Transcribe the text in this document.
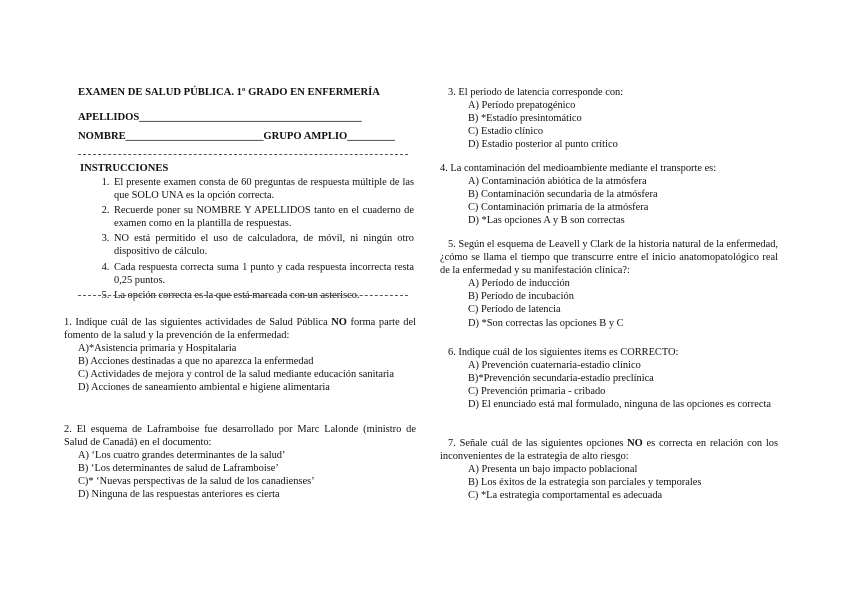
EXAMEN DE SALUD PÚBLICA. 1º GRADO EN ENFERMERÍA
APELLIDOS__________________________________________
NOMBRE__________________________GRUPO AMPLIO_________
INSTRUCCIONES
1. El presente examen consta de 60 preguntas de respuesta múltiple de las que SOLO UNA es la opción correcta.
2. Recuerde poner su NOMBRE Y APELLIDOS tanto en el cuaderno de examen como en la plantilla de respuestas.
3. NO está permitido el uso de calculadora, de móvil, ni ningún otro dispositivo de cálculo.
4. Cada respuesta correcta suma 1 punto y cada respuesta incorrecta resta 0,25 puntos.
5. La opción correcta es la que está marcada con un asterisco.
1. Indique cuál de las siguientes actividades de Salud Pública NO forma parte del fomento de la salud y la prevención de la enfermedad:
A)*Asistencia primaria y Hospitalaria
B) Acciones destinadas a que no aparezca la enfermedad
C) Actividades de mejora y control de la salud mediante educación sanitaria
D) Acciones de saneamiento ambiental e higiene alimentaria
2. El esquema de Laframboise fue desarrollado por Marc Lalonde (ministro de Salud de Canadá) en el documento:
A) ‘Los cuatro grandes determinantes de la salud’
B) ‘Los determinantes de salud de Laframboise’
C)* ‘Nuevas perspectivas de la salud de los canadienses’
D) Ninguna de las respuestas anteriores es cierta
3. El periodo de latencia corresponde con:
A) Período prepatogénico
B) *Estadío presintomático
C) Estadio clínico
D) Estadio posterior al punto crítico
4. La contaminación del medioambiente mediante el transporte es:
A) Contaminación abiótica de la atmósfera
B) Contaminación secundaria de la atmósfera
C) Contaminación primaria de la atmósfera
D) *Las opciones A y B son correctas
5. Según el esquema de Leavell y Clark de la historia natural de la enfermedad, ¿cómo se llama el tiempo que transcurre entre el inicio anatomopatológico real de la enfermedad y su manifestación clínica?:
A) Período de inducción
B) Período de incubación
C) Período de latencia
D) *Son correctas las opciones B y C
6. Indique cuál de los siguientes ítems es CORRECTO:
A) Prevención cuaternaria-estadio clínico
B)*Prevención secundaria-estadio preclínica
C) Prevención primaria - cribado
D) El enunciado está mal formulado, ninguna de las opciones es correcta
7. Señale cuál de las siguientes opciones NO es correcta en relación con los inconvenientes de la estrategia de alto riesgo:
A) Presenta un bajo impacto poblacional
B) Los éxitos de la estrategia son parciales y temporales
C) *La estrategia comportamental es adecuada
